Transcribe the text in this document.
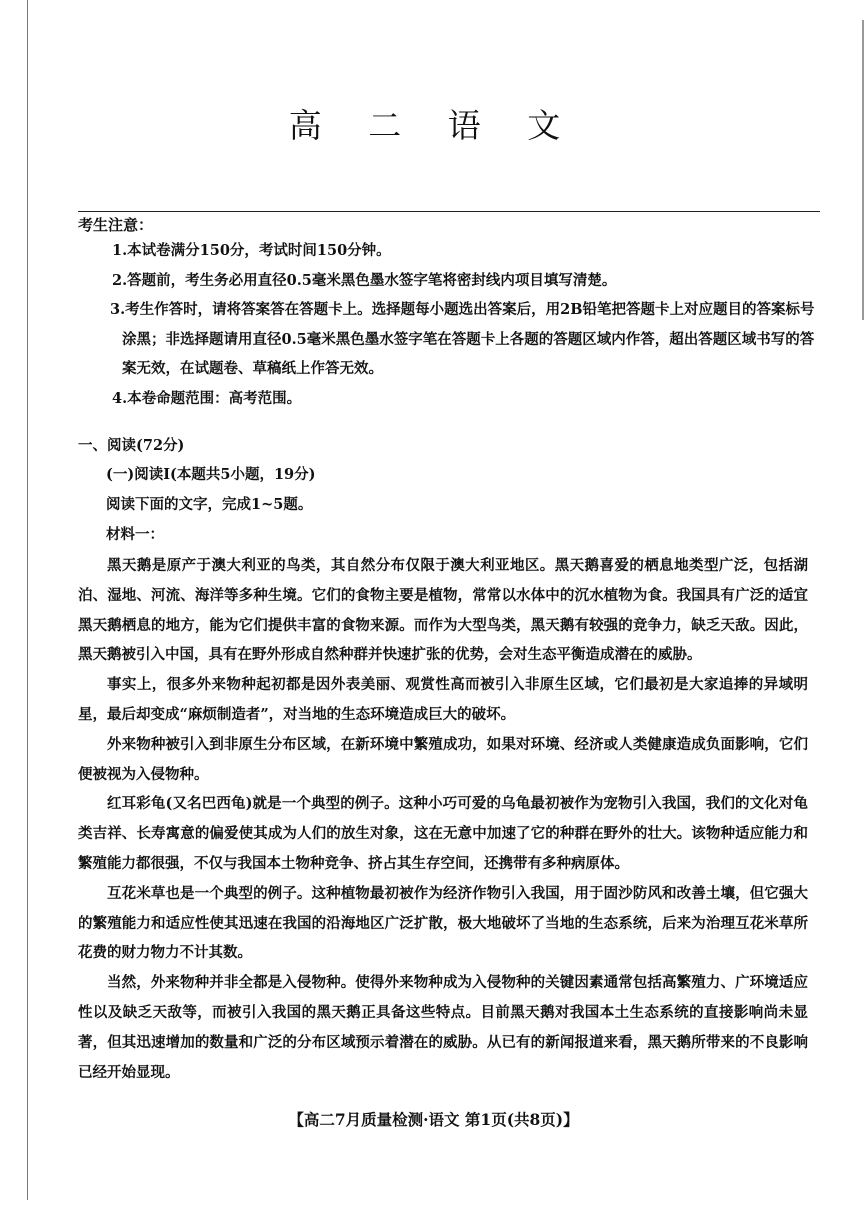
高 二 语 文
考生注意：
1.本试卷满分150分，考试时间150分钟。
2.答题前，考生务必用直径0.5毫米黑色墨水签字笔将密封线内项目填写清楚。
3.考生作答时，请将答案答在答题卡上。选择题每小题选出答案后，用2B铅笔把答题卡上对应题目的答案标号涂黑；非选择题请用直径0.5毫米黑色墨水签字笔在答题卡上各题的答题区域内作答，超出答题区域书写的答案无效，在试题卷、草稿纸上作答无效。
4.本卷命题范围：高考范围。
一、阅读(72分)
(一)阅读Ⅰ(本题共5小题，19分)
阅读下面的文字，完成1~5题。
材料一：

黑天鹅是原产于澳大利亚的鸟类，其自然分布仅限于澳大利亚地区。黑天鹅喜爱的栖息地类型广泛，包括湖泊、湿地、河流、海洋等多种生境。它们的食物主要是植物，常常以水体中的沉水植物为食。我国具有广泛的适宜黑天鹅栖息的地方，能为它们提供丰富的食物来源。而作为大型鸟类，黑天鹅有较强的竞争力，缺乏天敌。因此，黑天鹅被引入中国，具有在野外形成自然种群并快速扩张的优势，会对生态平衡造成潜在的威胁。

事实上，很多外来物种起初都是因外表美丽、观赏性高而被引入非原生区域，它们最初是大家追捧的异域明星，最后却变成“麻烦制造者”，对当地的生态环境造成巨大的破坏。

外来物种被引入到非原生分布区域，在新环境中繁殖成功，如果对环境、经济或人类健康造成负面影响，它们便被视为入侵物种。

红耳彩龟(又名巴西龟)就是一个典型的例子。这种小巧可爱的乌龟最初被作为宠物引入我国，我们的文化对龟类吉祥、长寿寓意的偏爱使其成为人们的放生对象，这在无意中加速了它的种群在野外的壮大。该物种适应能力和繁殖能力都很强，不仅与我国本土物种竞争、挤占其生存空间，还携带有多种病原体。

互花米草也是一个典型的例子。这种植物最初被作为经济作物引入我国，用于固沙防风和改善土壤，但它强大的繁殖能力和适应性使其迅速在我国的沿海地区广泛扩散，极大地破坏了当地的生态系统，后来为治理互花米草所花费的财力物力不计其数。

当然，外来物种并非全都是入侵物种。使得外来物种成为入侵物种的关键因素通常包括高繁殖力、广环境适应性以及缺乏天敌等，而被引入我国的黑天鹅正具备这些特点。目前黑天鹅对我国本土生态系统的直接影响尚未显著，但其迅速增加的数量和广泛的分布区域预示着潜在的威胁。从已有的新闻报道来看，黑天鹅所带来的不良影响已经开始显现。

【高二7月质量检测·语文 第1页(共8页)】
